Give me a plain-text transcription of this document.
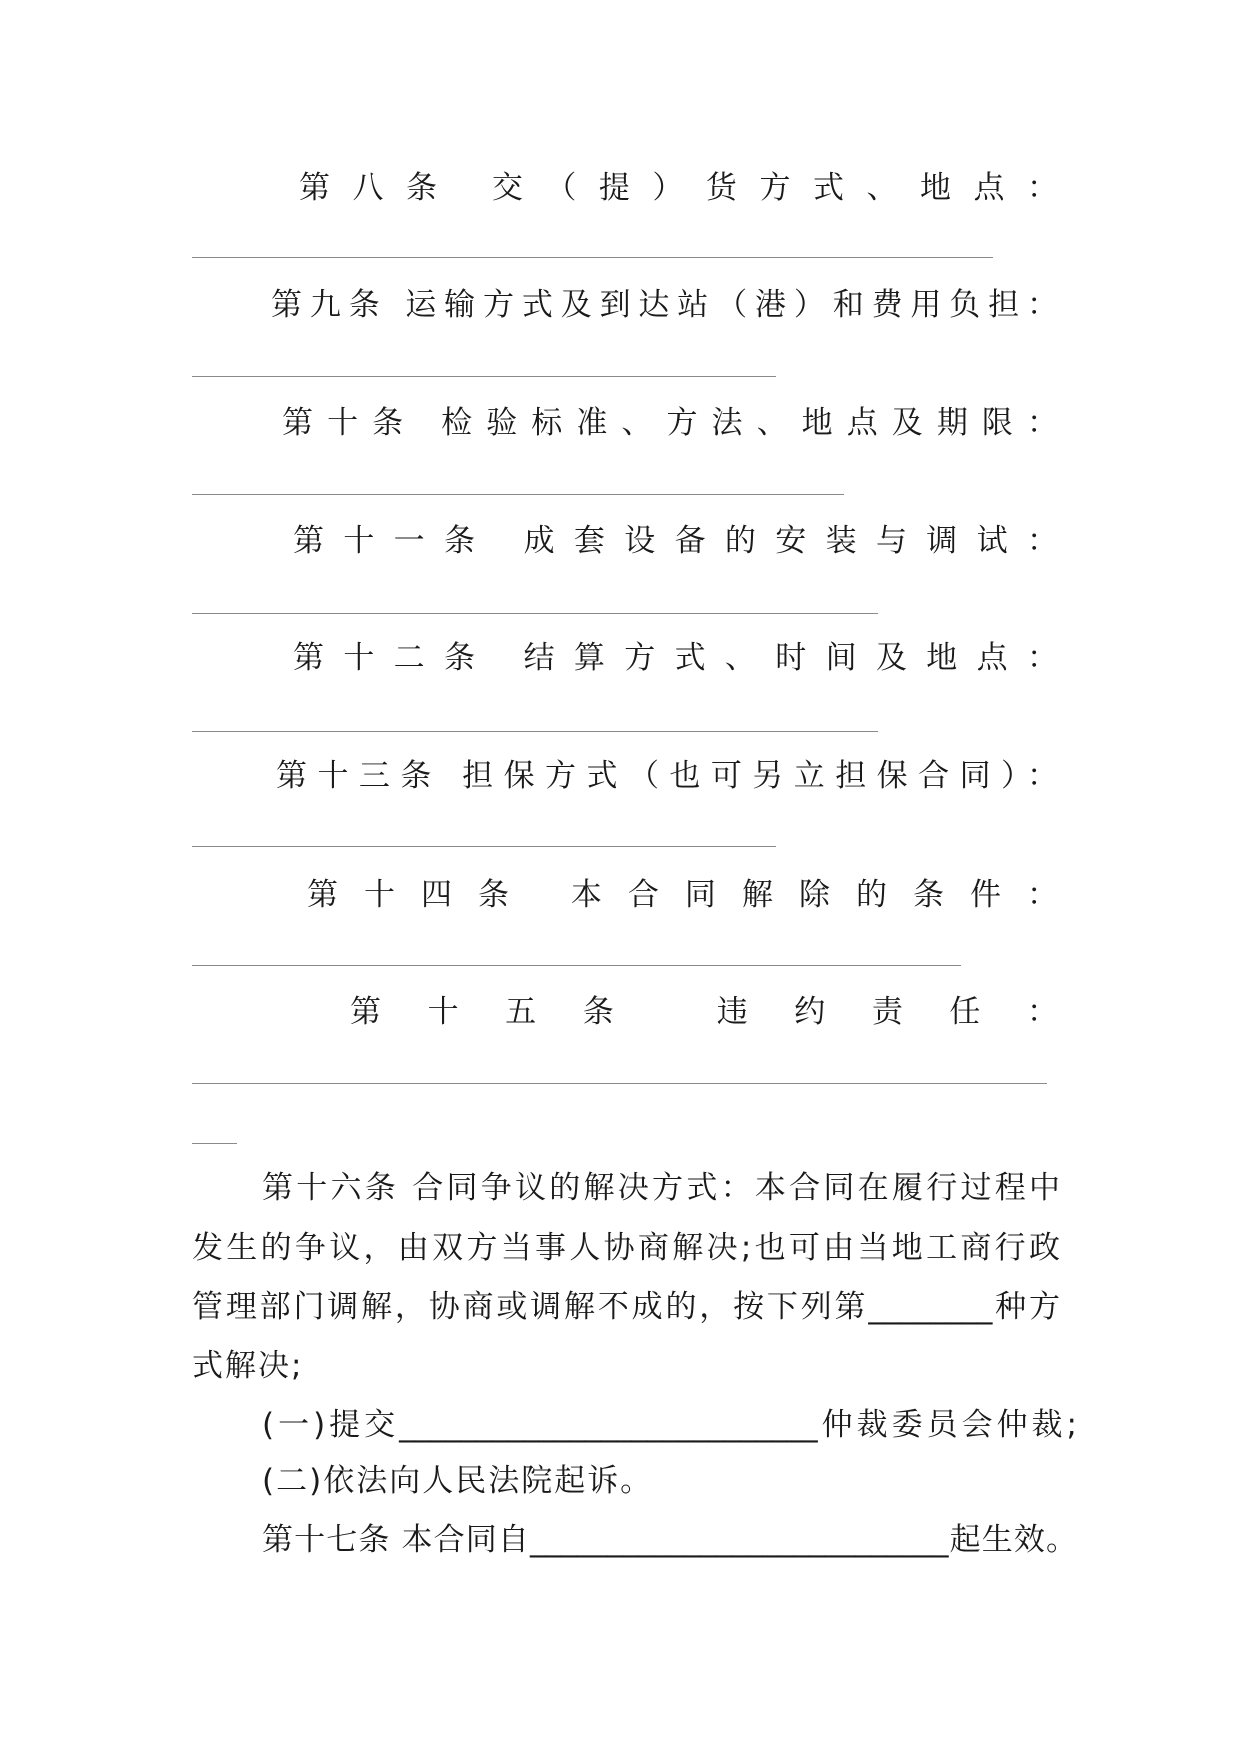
第八条 交（提）货方式、地点：
第九条 运输方式及到达站（港）和费用负担：
第十条 检验标准、方法、地点及期限：
第十一条 成套设备的安装与调试：
第十二条 结算方式、时间及地点：
第十三条 担保方式（也可另立担保合同）：
第十四条 本合同解除的条件：
第十五条 违约责任：
第十六条 合同争议的解决方式：本合同在履行过程中
发生的争议，由双方当事人协商解决;也可由当地工商行政
管理部门调解，协商或调解不成的，按下列第________种方
式解决;
(一)提交___________________________仲裁委员会仲裁;
(二)依法向人民法院起诉。
第十七条 本合同自___________________________起生效。
